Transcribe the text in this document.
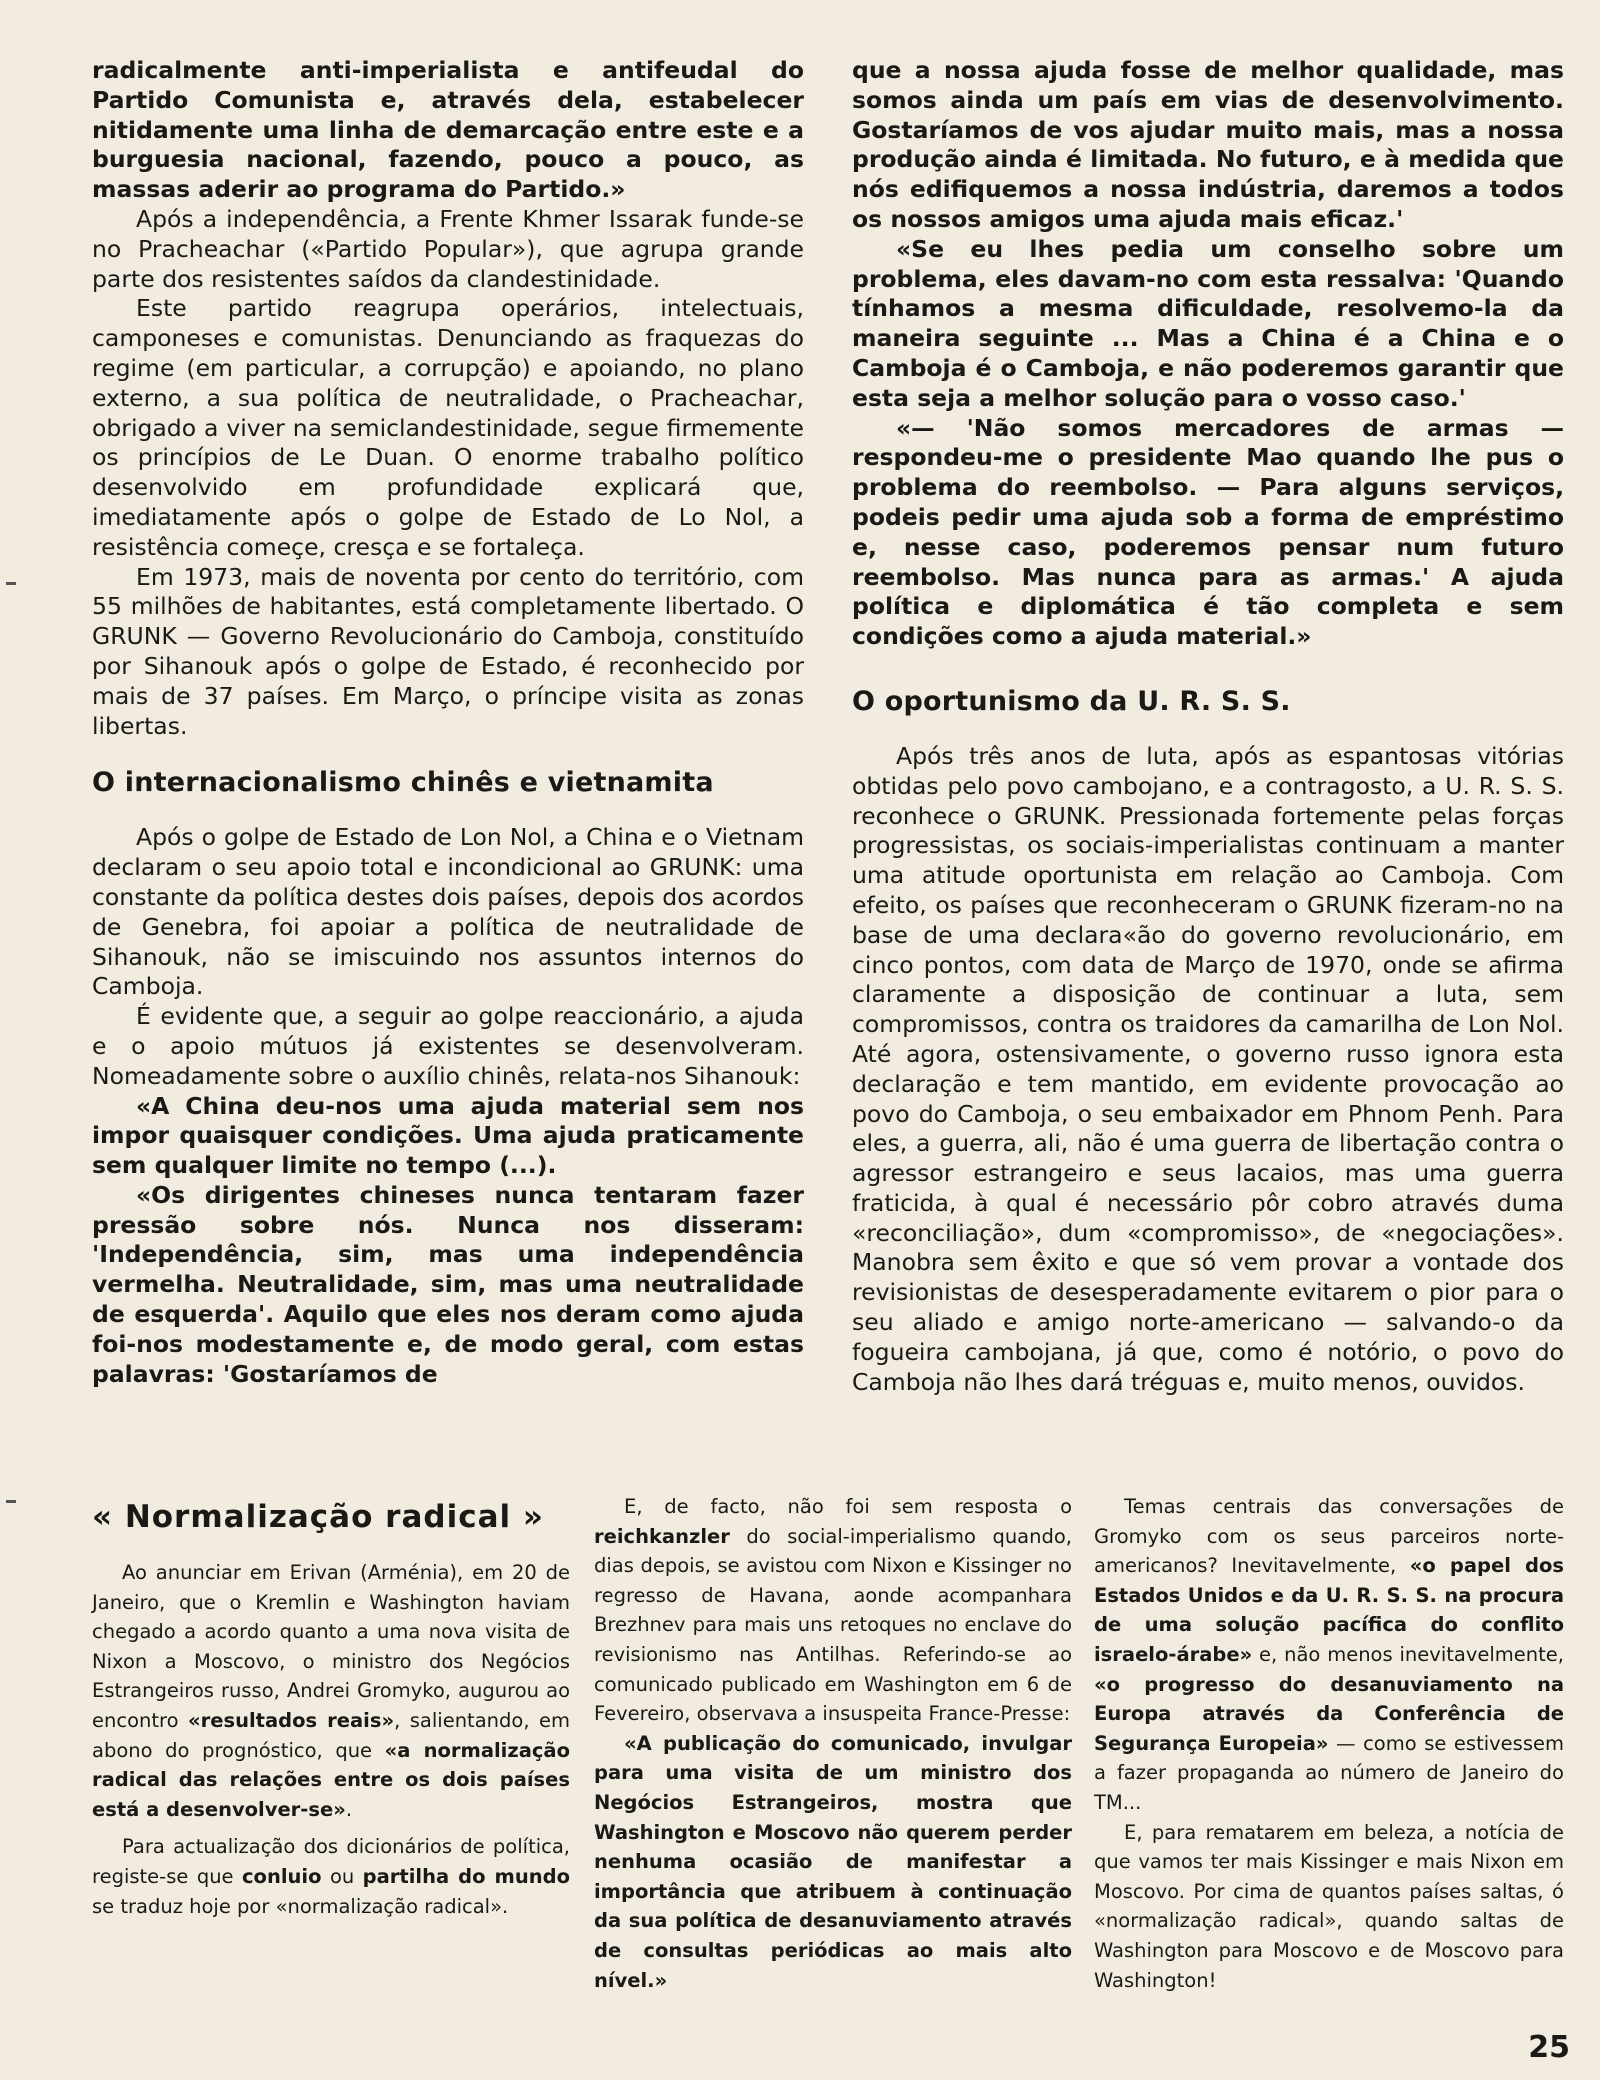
radicalmente anti-imperialista e antifeudal do Partido Comunista e, através dela, estabelecer nitidamente uma linha de demarcação entre este e a burguesia nacional, fazendo, pouco a pouco, as massas aderir ao programa do Partido.»

Após a independência, a Frente Khmer Issarak funde-se no Pracheachar («Partido Popular»), que agrupa grande parte dos resistentes saídos da clandestinidade.

Este partido reagrupa operários, intelectuais, camponeses e comunistas. Denunciando as fraquezas do regime (em particular, a corrupção) e apoiando, no plano externo, a sua política de neutralidade, o Pracheachar, obrigado a viver na semiclandestinidade, segue firmemente os princípios de Le Duan. O enorme trabalho político desenvolvido em profundidade explicará que, imediatamente após o golpe de Estado de Lo Nol, a resistência começe, cresça e se fortaleça.

Em 1973, mais de noventa por cento do território, com 55 milhões de habitantes, está completamente libertado. O GRUNK — Governo Revolucionário do Camboja, constituído por Sihanouk após o golpe de Estado, é reconhecido por mais de 37 países. Em Março, o príncipe visita as zonas libertas.

O internacionalismo chinês e vietnamita

Após o golpe de Estado de Lon Nol, a China e o Vietnam declaram o seu apoio total e incondicional ao GRUNK: uma constante da política destes dois países, depois dos acordos de Genebra, foi apoiar a política de neutralidade de Sihanouk, não se imiscuindo nos assuntos internos do Camboja.

É evidente que, a seguir ao golpe reaccionário, a ajuda e o apoio mútuos já existentes se desenvolveram. Nomeadamente sobre o auxílio chinês, relata-nos Sihanouk:

«A China deu-nos uma ajuda material sem nos impor quaisquer condições. Uma ajuda praticamente sem qualquer limite no tempo (...).

«Os dirigentes chineses nunca tentaram fazer pressão sobre nós. Nunca nos disseram: 'Independência, sim, mas uma independência vermelha. Neutralidade, sim, mas uma neutralidade de esquerda'. Aquilo que eles nos deram como ajuda foi-nos modestamente e, de modo geral, com estas palavras: 'Gostaríamos de

que a nossa ajuda fosse de melhor qualidade, mas somos ainda um país em vias de desenvolvimento. Gostaríamos de vos ajudar muito mais, mas a nossa produção ainda é limitada. No futuro, e à medida que nós edifiquemos a nossa indústria, daremos a todos os nossos amigos uma ajuda mais eficaz.'

«Se eu lhes pedia um conselho sobre um problema, eles davam-no com esta ressalva: 'Quando tínhamos a mesma dificuldade, resolvemo-la da maneira seguinte ... Mas a China é a China e o Camboja é o Camboja, e não poderemos garantir que esta seja a melhor solução para o vosso caso.'

«— 'Não somos mercadores de armas — respondeu-me o presidente Mao quando lhe pus o problema do reembolso. — Para alguns serviços, podeis pedir uma ajuda sob a forma de empréstimo e, nesse caso, poderemos pensar num futuro reembolso. Mas nunca para as armas.' A ajuda política e diplomática é tão completa e sem condições como a ajuda material.»

O oportunismo da U. R. S. S.

Após três anos de luta, após as espantosas vitórias obtidas pelo povo cambojano, e a contragosto, a U. R. S. S. reconhece o GRUNK. Pressionada fortemente pelas forças progressistas, os sociais-imperialistas continuam a manter uma atitude oportunista em relação ao Camboja. Com efeito, os países que reconheceram o GRUNK fizeram-no na base de uma declara«ão do governo revolucionário, em cinco pontos, com data de Março de 1970, onde se afirma claramente a disposição de continuar a luta, sem compromissos, contra os traidores da camarilha de Lon Nol. Até agora, ostensivamente, o governo russo ignora esta declaração e tem mantido, em evidente provocação ao povo do Camboja, o seu embaixador em Phnom Penh. Para eles, a guerra, ali, não é uma guerra de libertação contra o agressor estrangeiro e seus lacaios, mas uma guerra fraticida, à qual é necessário pôr cobro através duma «reconciliação», dum «compromisso», de «negociações». Manobra sem êxito e que só vem provar a vontade dos revisionistas de desesperadamente evitarem o pior para o seu aliado e amigo norte-americano — salvando-o da fogueira cambojana, já que, como é notório, o povo do Camboja não lhes dará tréguas e, muito menos, ouvidos.

« Normalização radical »

Ao anunciar em Erivan (Arménia), em 20 de Janeiro, que o Kremlin e Washington haviam chegado a acordo quanto a uma nova visita de Nixon a Moscovo, o ministro dos Negócios Estrangeiros russo, Andrei Gromyko, augurou ao encontro «resultados reais», salientando, em abono do prognóstico, que «a normalização radical das relações entre os dois países está a desenvolver-se».

Para actualização dos dicionários de política, registe-se que conluio ou partilha do mundo se traduz hoje por «normalização radical».

E, de facto, não foi sem resposta o reichkanzler do social-imperialismo quando, dias depois, se avistou com Nixon e Kissinger no regresso de Havana, aonde acompanhara Brezhnev para mais uns retoques no enclave do revisionismo nas Antilhas. Referindo-se ao comunicado publicado em Washington em 6 de Fevereiro, observava a insuspeita France-Presse:

«A publicação do comunicado, invulgar para uma visita de um ministro dos Negócios Estrangeiros, mostra que Washington e Moscovo não querem perder nenhuma ocasião de manifestar a importância que atribuem à continuação da sua política de desanuviamento através de consultas periódicas ao mais alto nível.»

Temas centrais das conversações de Gromyko com os seus parceiros norte-americanos? Inevitavelmente, «o papel dos Estados Unidos e da U. R. S. S. na procura de uma solução pacífica do conflito israelo-árabe» e, não menos inevitavelmente, «o progresso do desanuviamento na Europa através da Conferência de Segurança Europeia» — como se estivessem a fazer propaganda ao número de Janeiro do TM...

E, para rematarem em beleza, a notícia de que vamos ter mais Kissinger e mais Nixon em Moscovo. Por cima de quantos países saltas, ó «normalização radical», quando saltas de Washington para Moscovo e de Moscovo para Washington!

25
